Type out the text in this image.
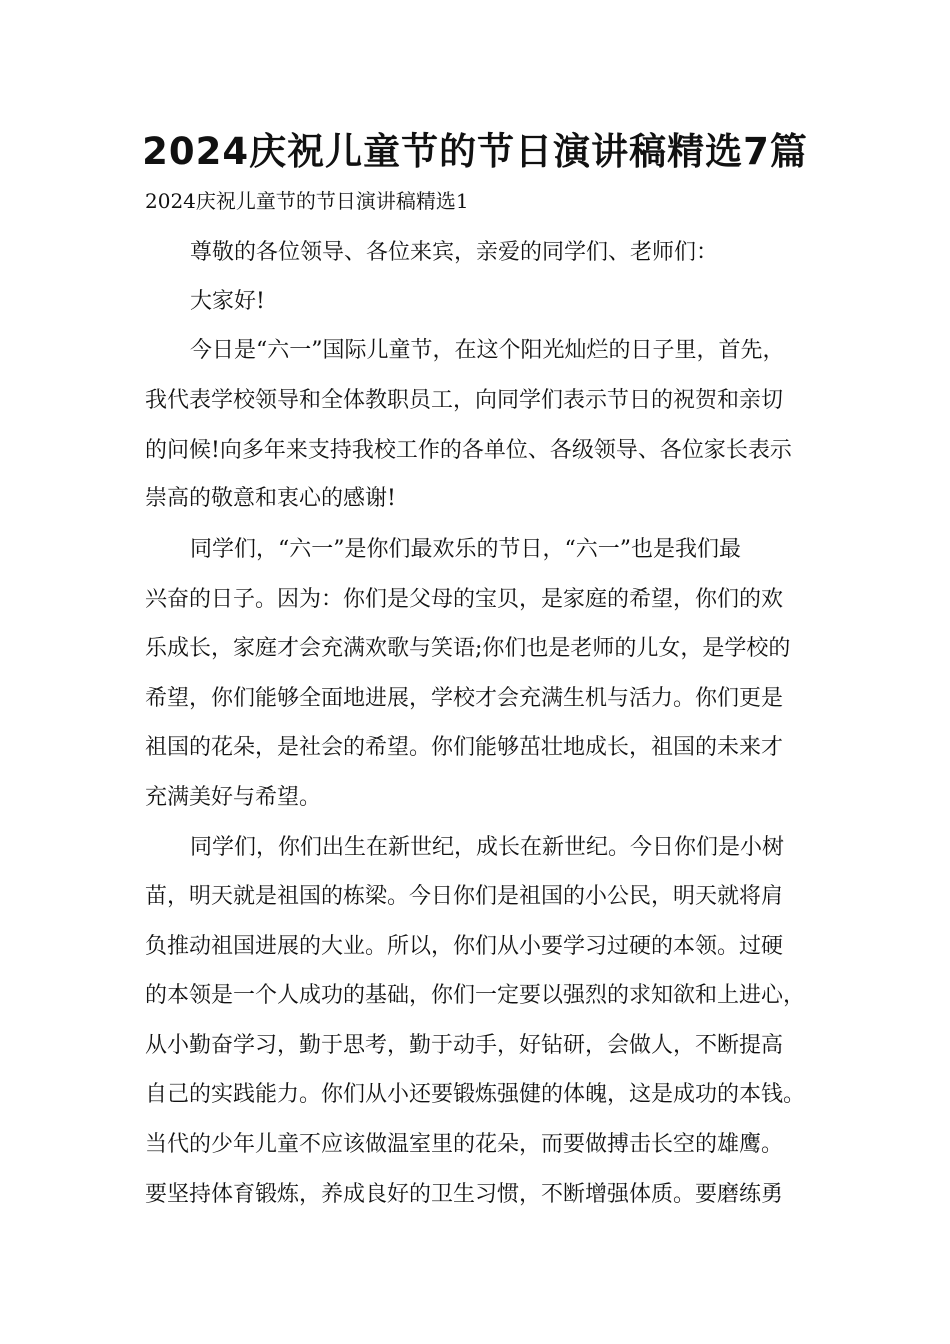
2024庆祝儿童节的节日演讲稿精选7篇

2024庆祝儿童节的节日演讲稿精选1

尊敬的各位领导、各位来宾，亲爱的同学们、老师们：

大家好!

今日是“六一”国际儿童节，在这个阳光灿烂的日子里，首先，

我代表学校领导和全体教职员工，向同学们表示节日的祝贺和亲切

的问候!向多年来支持我校工作的各单位、各级领导、各位家长表示

崇高的敬意和衷心的感谢!

同学们，“六一”是你们最欢乐的节日，“六一”也是我们最

兴奋的日子。因为：你们是父母的宝贝，是家庭的希望，你们的欢

乐成长，家庭才会充满欢歌与笑语;你们也是老师的儿女，是学校的

希望，你们能够全面地进展，学校才会充满生机与活力。你们更是

祖国的花朵，是社会的希望。你们能够茁壮地成长，祖国的未来才

充满美好与希望。

同学们，你们出生在新世纪，成长在新世纪。今日你们是小树

苗，明天就是祖国的栋梁。今日你们是祖国的小公民，明天就将肩

负推动祖国进展的大业。所以，你们从小要学习过硬的本领。过硬

的本领是一个人成功的基础，你们一定要以强烈的求知欲和上进心，

从小勤奋学习，勤于思考，勤于动手，好钻研，会做人，不断提高

自己的实践能力。你们从小还要锻炼强健的体魄，这是成功的本钱。

当代的少年儿童不应该做温室里的花朵，而要做搏击长空的雄鹰。

要坚持体育锻炼，养成良好的卫生习惯，不断增强体质。要磨练勇
